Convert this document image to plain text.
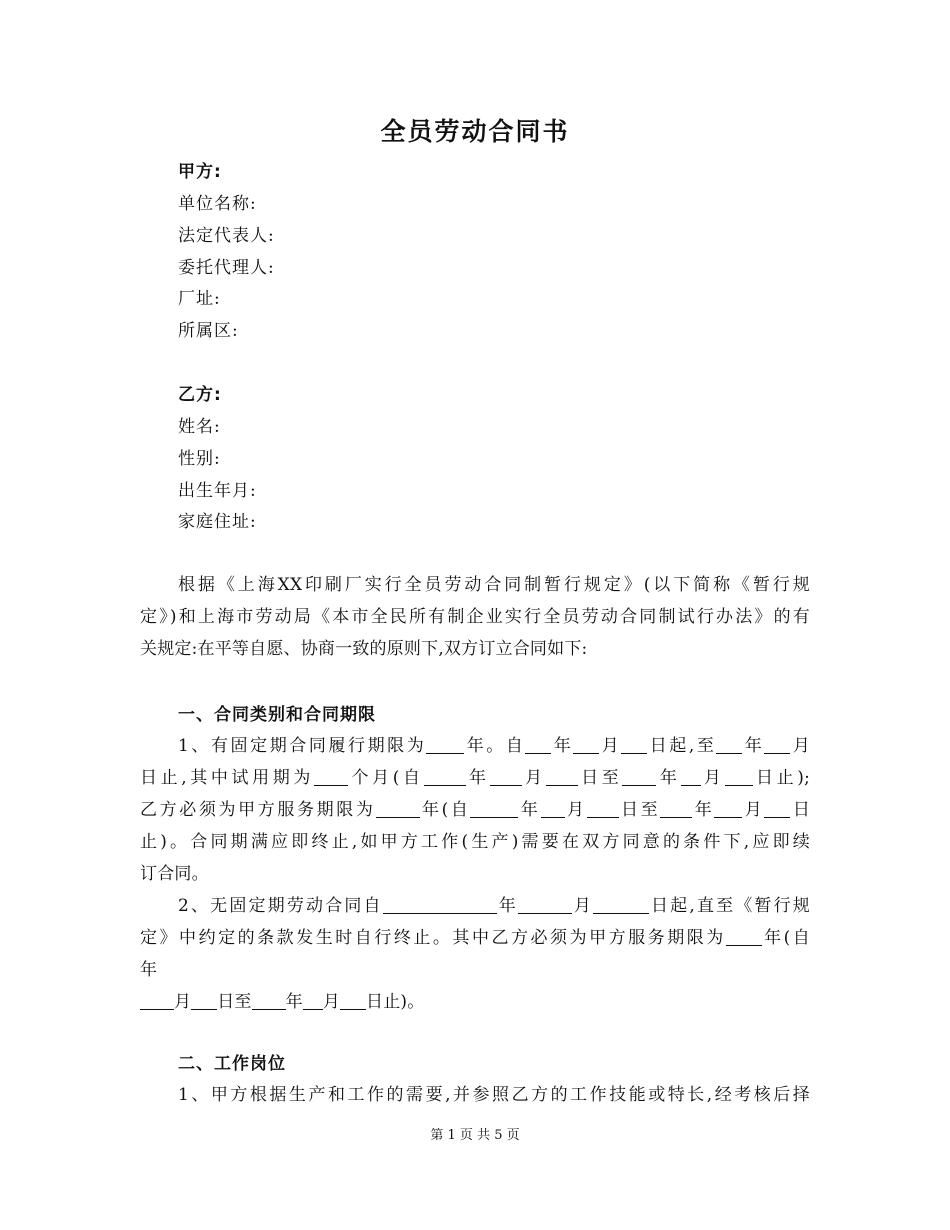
全员劳动合同书
甲方:
单位名称:
法定代表人:
委托代理人:
厂址:
所属区:
乙方:
姓名:
性别:
出生年月:
家庭住址:
根据《上海XX印刷厂实行全员劳动合同制暂行规定》(以下简称《暂行规
定》)和上海市劳动局《本市全民所有制企业实行全员劳动合同制试行办法》的有
关规定:在平等自愿、协商一致的原则下,双方订立合同如下:
一、合同类别和合同期限
1、有固定期合同履行期限为 年。自 年 月 日起,至 年 月
日止,其中试用期为 个月(自 年 月 日至 年 月 日止);
乙方必须为甲方服务期限为	年(自	年 月 日至 年 月 日
止)。合同期满应即终止,如甲方工作(生产)需要在双方同意的条件下,应即续
订合同。
2、无固定期劳动合同自	年	月	日起,直至《暂行规
定》中约定的条款发生时自行终止。其中乙方必须为甲方服务期限为 年(自
年
月 日至 年 月 日止)。
二、工作岗位
1、甲方根据生产和工作的需要,并参照乙方的工作技能或特长,经考核后择
第 1 页 共 5 页
